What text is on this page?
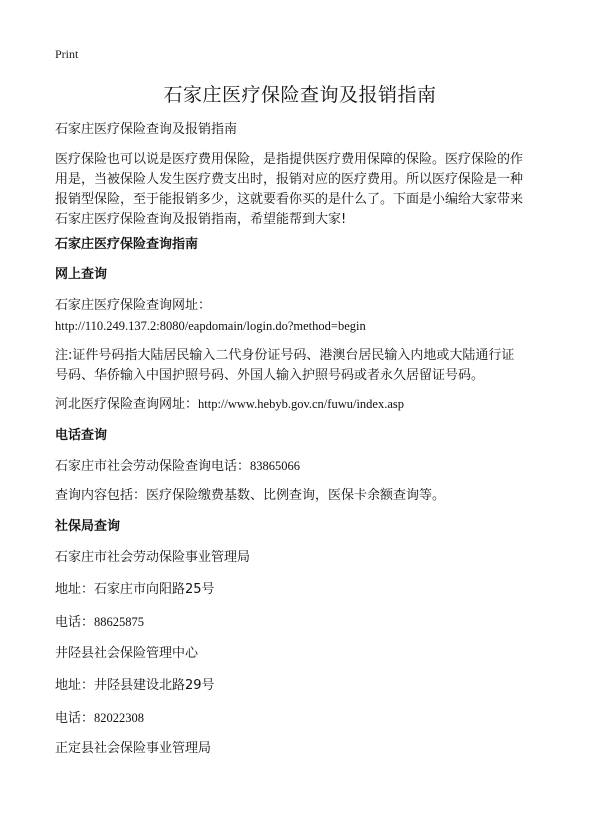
Print
石家庄医疗保险查询及报销指南

石家庄医疗保险查询及报销指南

医疗保险也可以说是医疗费用保险，是指提供医疗费用保障的保险。医疗保险的作
用是，当被保险人发生医疗费支出时，报销对应的医疗费用。所以医疗保险是一种
报销型保险，至于能报销多少，这就要看你买的是什么了。下面是小编给大家带来
石家庄医疗保险查询及报销指南，希望能帮到大家!

石家庄医疗保险查询指南

网上查询

石家庄医疗保险查询网址：

http://110.249.137.2:8080/eapdomain/login.do?method=begin

注:证件号码指大陆居民输入二代身份证号码、港澳台居民输入内地或大陆通行证
号码、华侨输入中国护照号码、外国人输入护照号码或者永久居留证号码。

河北医疗保险查询网址：http://www.hebyb.gov.cn/fuwu/index.asp

电话查询

石家庄市社会劳动保险查询电话：83865066

查询内容包括：医疗保险缴费基数、比例查询，医保卡余额查询等。

社保局查询

石家庄市社会劳动保险事业管理局

地址：石家庄市向阳路25号

电话：88625875

井陉县社会保险管理中心

地址：井陉县建设北路29号

电话：82022308

正定县社会保险事业管理局
